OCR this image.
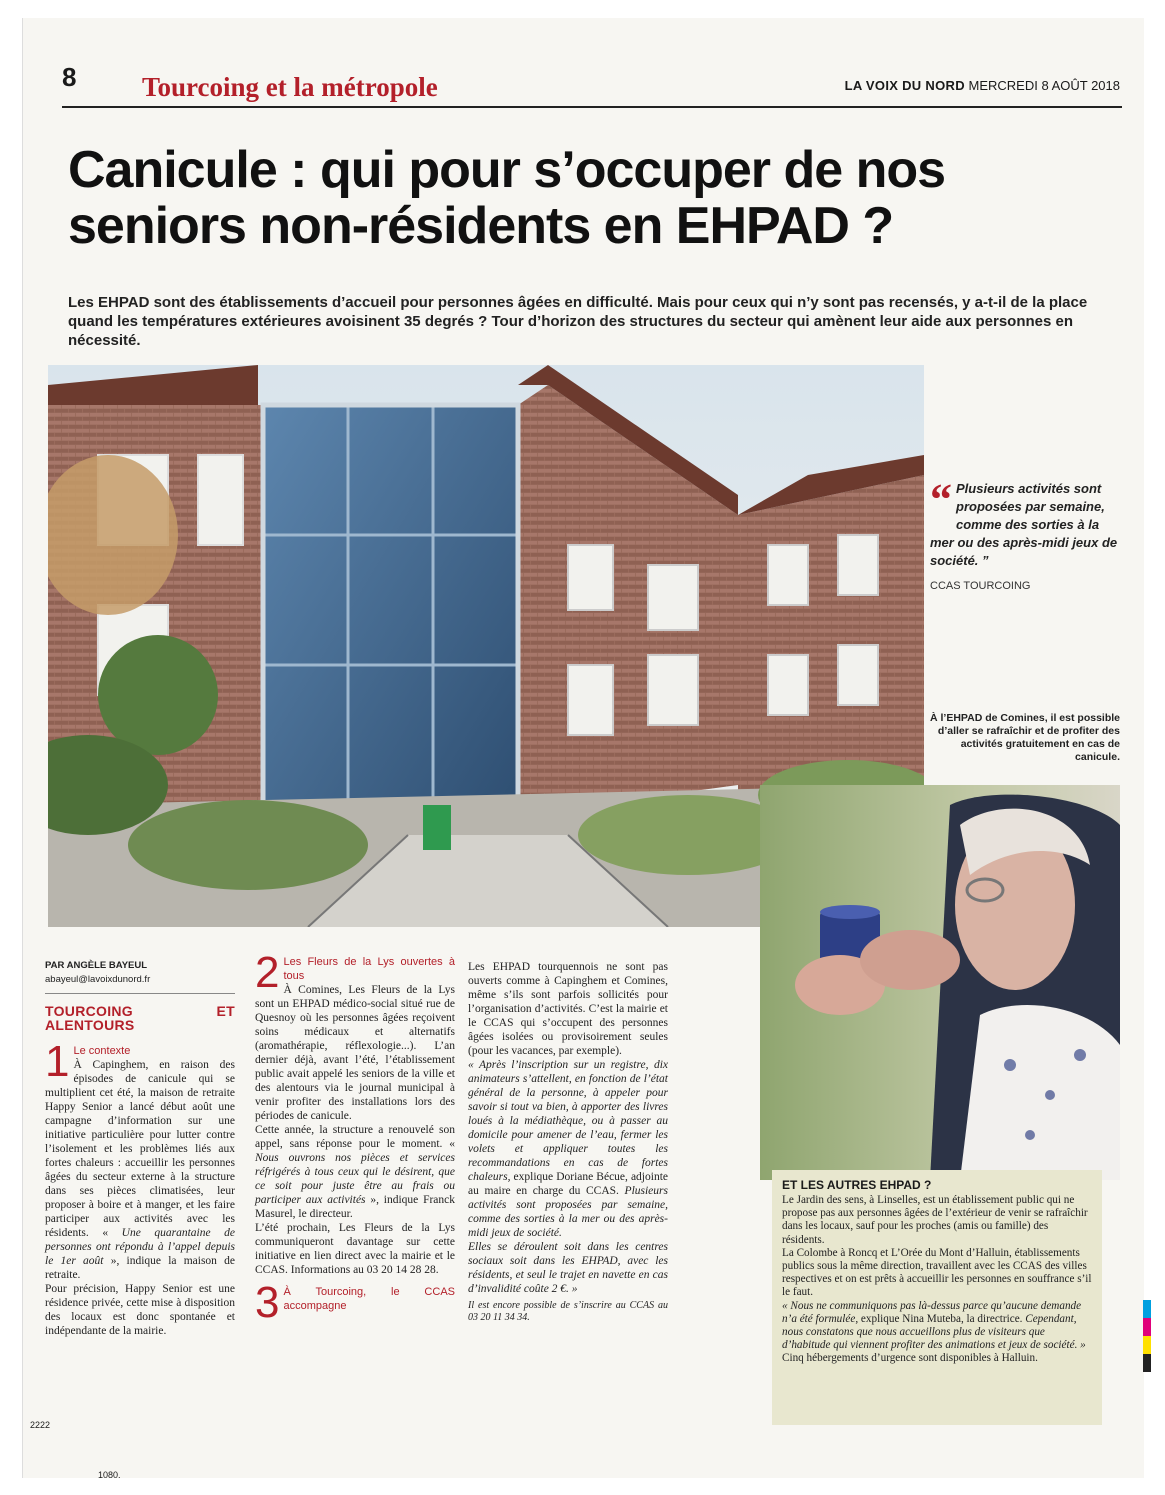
8 Tourcoing et la métropole	LA VOIX DU NORD MERCREDI 8 AOÛT 2018
Canicule : qui pour s’occuper de nos seniors non-résidents en EHPAD ?

Les EHPAD sont des établissements d’accueil pour personnes âgées en difficulté. Mais pour ceux qui n’y sont pas recensés, y a-t-il de la place quand les températures extérieures avoisinent 35 degrés ? Tour d’horizon des structures du secteur qui amènent leur aide aux personnes en nécessité.

“ Plusieurs activités sont proposées par semaine, comme des sorties à la mer ou des après-midi jeux de société. ”
CCAS TOURCOING
À l’EHPAD de Comines, il est possible d’aller se rafraîchir et de profiter des activités gratuitement en cas de canicule.
PAR ANGÈLE BAYEUL
abayeul@lavoixdunord.fr
TOURCOING ET ALENTOURS
1 Le contexte
À Capinghem, en raison des épisodes de canicule qui se multiplient cet été, la maison de retraite Happy Senior a lancé début août une campagne d’information sur une initiative particulière pour lutter contre l’isolement et les problèmes liés aux fortes chaleurs : accueillir les personnes âgées du secteur externe à la structure dans ses pièces climatisées, leur proposer à boire et à manger, et les faire participer aux activités avec les résidents. « Une quarantaine de personnes ont répondu à l’appel depuis le 1er août », indique la maison de retraite.
Pour précision, Happy Senior est une résidence privée, cette mise à disposition des locaux est donc spontanée et indépendante de la mairie.
2 Les Fleurs de la Lys ouvertes à tous
À Comines, Les Fleurs de la Lys sont un EHPAD médico-social situé rue de Quesnoy où les personnes âgées reçoivent soins médicaux et alternatifs (aromathérapie, réflexologie...). L’an dernier déjà, avant l’été, l’établissement public avait appelé les seniors de la ville et des alentours via le journal municipal à venir profiter des installations lors des périodes de canicule.
Cette année, la structure a renouvelé son appel, sans réponse pour le moment. « Nous ouvrons nos pièces et services réfrigérés à tous ceux qui le désirent, que ce soit pour juste être au frais ou participer aux activités », indique Franck Masurel, le directeur.
L’été prochain, Les Fleurs de la Lys communiqueront davantage sur cette initiative en lien direct avec la mairie et le CCAS. Informations au 03 20 14 28 28.
3 À Tourcoing, le CCAS accompagne
Les EHPAD tourquennois ne sont pas ouverts comme à Capinghem et Comines, même s’ils sont parfois sollicités pour l’organisation d’activités. C’est la mairie et le CCAS qui s’occupent des personnes âgées isolées ou provisoirement seules (pour les vacances, par exemple).
« Après l’inscription sur un registre, dix animateurs s’attellent, en fonction de l’état général de la personne, à appeler pour savoir si tout va bien, à apporter des livres loués à la médiathèque, ou à passer au domicile pour amener de l’eau, fermer les volets et appliquer toutes les recommandations en cas de fortes chaleurs, explique Doriane Bécue, adjointe au maire en charge du CCAS. Plusieurs activités sont proposées par semaine, comme des sorties à la mer ou des après-midi jeux de société.
Elles se déroulent soit dans les centres sociaux soit dans les EHPAD, avec les résidents, et seul le trajet en navette en cas d’invalidité coûte 2 €. »
Il est encore possible de s’inscrire au CCAS au 03 20 11 34 34.
ET LES AUTRES EHPAD ?
Le Jardin des sens, à Linselles, est un établissement public qui ne propose pas aux personnes âgées de l’extérieur de venir se rafraîchir dans les locaux, sauf pour les proches (amis ou famille) des résidents.
La Colombe à Roncq et L’Orée du Mont d’Halluin, établissements publics sous la même direction, travaillent avec les CCAS des villes respectives et on est prêts à accueillir les personnes en souffrance s’il le faut.
« Nous ne communiquons pas là-dessus parce qu’aucune demande n’a été formulée, explique Nina Muteba, la directrice. Cependant, nous constatons que nous accueillons plus de visiteurs que d’habitude qui viennent profiter des animations et jeux de société. »
Cinq hébergements d’urgence sont disponibles à Halluin.
2222
1080.
